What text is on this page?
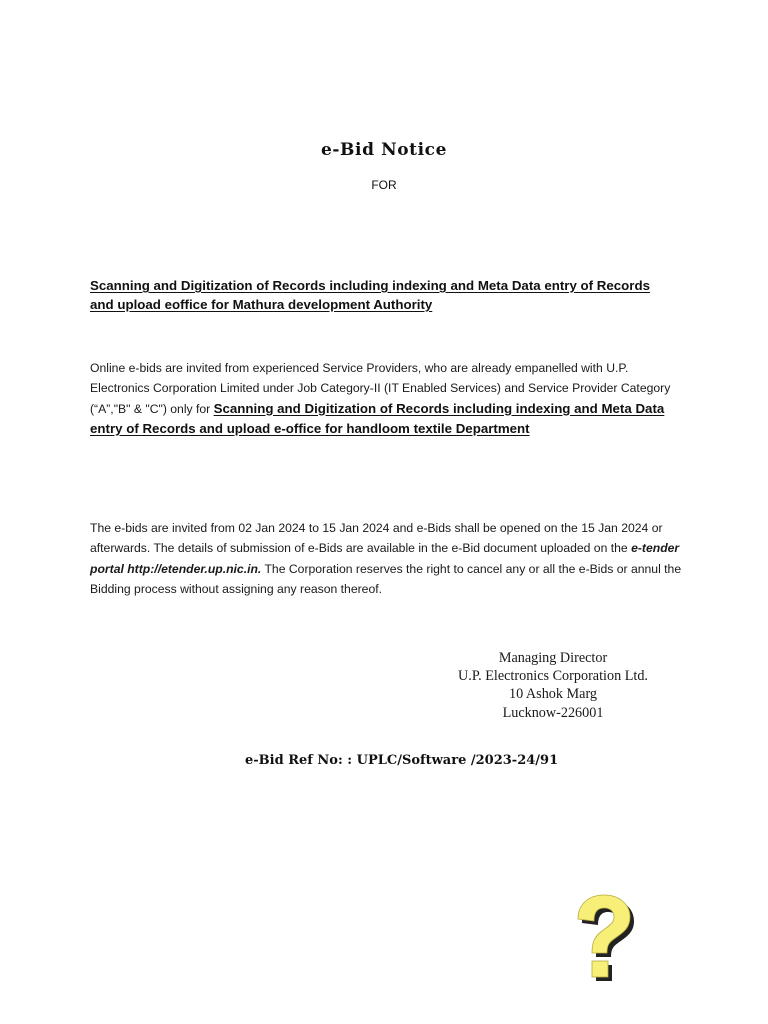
e-Bid Notice
FOR
Scanning and Digitization of Records including indexing and Meta Data entry of Records and upload eoffice for Mathura development Authority
Online e-bids are invited from experienced Service Providers, who are already empanelled with U.P. Electronics Corporation Limited under Job Category-II (IT Enabled Services) and Service Provider Category (“A”,"B" & "C") only for Scanning and Digitization of Records including indexing and Meta Data entry of Records and upload e-office for handloom textile Department
The e-bids are invited from 02 Jan 2024 to 15 Jan 2024 and e-Bids shall be opened on the 15 Jan 2024 or afterwards. The details of submission of e-Bids are available in the e-Bid document uploaded on the e-tender portal http://etender.up.nic.in. The Corporation reserves the right to cancel any or all the e-Bids or annul the Bidding process without assigning any reason thereof.
Managing Director
U.P. Electronics Corporation Ltd.
10 Ashok Marg
Lucknow-226001
e-Bid Ref No: : UPLC/Software /2023-24/91
